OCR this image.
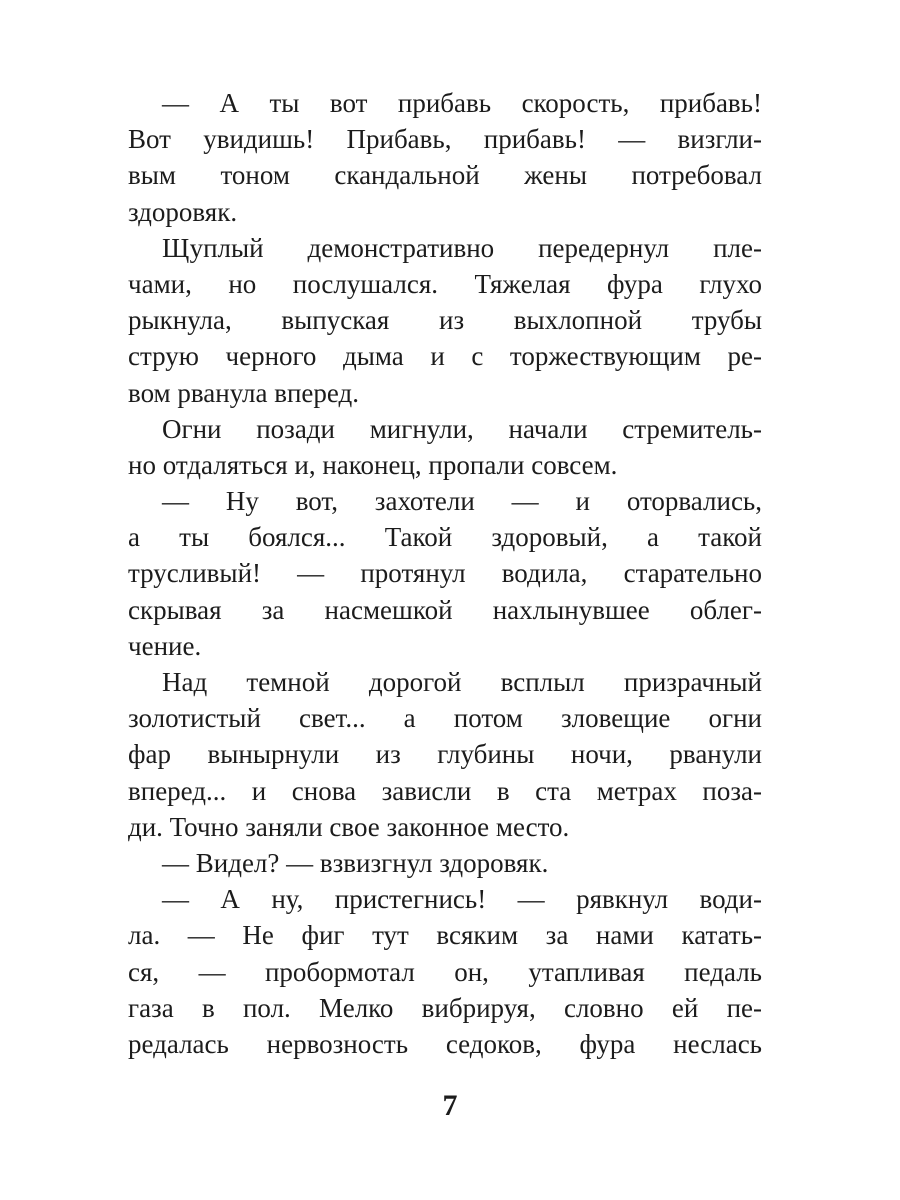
— А ты вот прибавь скорость, прибавь!
Вот увидишь! Прибавь, прибавь! — визгли-
вым тоном скандальной жены потребовал
здоровяк.
Щуплый демонстративно передернул пле-
чами, но послушался. Тяжелая фура глухо
рыкнула, выпуская из выхлопной трубы
струю черного дыма и с торжествующим ре-
вом рванула вперед.
Огни позади мигнули, начали стремитель-
но отдаляться и, наконец, пропали совсем.
— Ну вот, захотели — и оторвались,
а ты боялся... Такой здоровый, а такой
трусливый! — протянул водила, старательно
скрывая за насмешкой нахлынувшее облег-
чение.
Над темной дорогой всплыл призрачный
золотистый свет... а потом зловещие огни
фар вынырнули из глубины ночи, рванули
вперед... и снова зависли в ста метрах поза-
ди. Точно заняли свое законное место.
— Видел? — взвизгнул здоровяк.
— А ну, пристегнись! — рявкнул води-
ла. — Не фиг тут всяким за нами катать-
ся, — пробормотал он, утапливая педаль
газа в пол. Мелко вибрируя, словно ей пе-
редалась нервозность седоков, фура неслась
7
